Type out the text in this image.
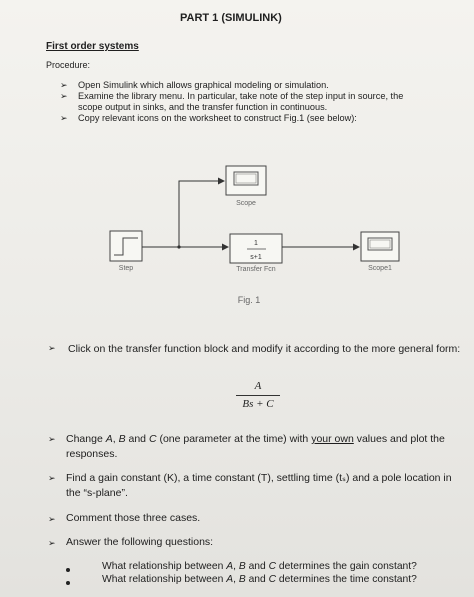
PART 1 (SIMULINK)
First order systems
Procedure:
➢ Open Simulink which allows graphical modeling or simulation.
➢ Examine the library menu. In particular, take note of the step input in source, the
scope output in sinks, and the transfer function in continuous.
➢ Copy relevant icons on the worksheet to construct Fig.1 (see below):
Scope
Step
1
s+1
Transfer Fcn	Scope1
Fig. 1
➢ Click on the transfer function block and modify it according to the more general form:
A
Bs + C
➢ Change A, B and C (one parameter at the time) with your own values and plot the
responses.
➢ Find a gain constant (K), a time constant (T), settling time (tₛ) and a pole location in
the “s-plane”.
➢ Comment those three cases.
➢ Answer the following questions:
What relationship between A, B and C determines the gain constant?
What relationship between A, B and C determines the time constant?
